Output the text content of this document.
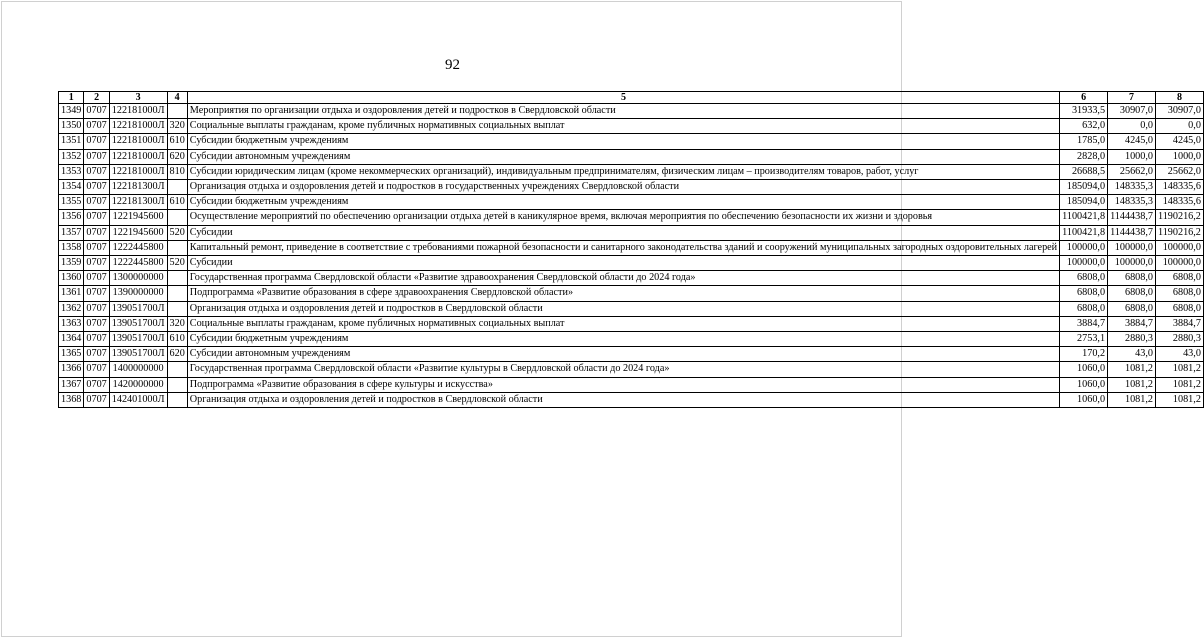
92
1	2	3	4	5	6	7	8
1349	0707	122181000Л		Мероприятия по организации отдыха и оздоровления детей и подростков в Свердловской области	31933,5	30907,0	30907,0
1350	0707	122181000Л	320	Социальные выплаты гражданам, кроме публичных нормативных социальных выплат	632,0	0,0	0,0
1351	0707	122181000Л	610	Субсидии бюджетным учреждениям	1785,0	4245,0	4245,0
1352	0707	122181000Л	620	Субсидии автономным учреждениям	2828,0	1000,0	1000,0
1353	0707	122181000Л	810	Субсидии юридическим лицам (кроме некоммерческих организаций), индивидуальным предпринимателям, физическим лицам – производителям товаров, работ, услуг	26688,5	25662,0	25662,0
1354	0707	122181300Л		Организация отдыха и оздоровления детей и подростков в государственных учреждениях Свердловской области	185094,0	148335,3	148335,6
1355	0707	122181300Л	610	Субсидии бюджетным учреждениям	185094,0	148335,3	148335,6
1356	0707	1221945600		Осуществление мероприятий по обеспечению организации отдыха детей в каникулярное время, включая мероприятия по обеспечению безопасности их жизни и здоровья	1100421,8	1144438,7	1190216,2
1357	0707	1221945600	520	Субсидии	1100421,8	1144438,7	1190216,2
1358	0707	1222445800		Капитальный ремонт, приведение в соответствие с требованиями пожарной безопасности и санитарного законодательства зданий и сооружений муниципальных загородных оздоровительных лагерей	100000,0	100000,0	100000,0
1359	0707	1222445800	520	Субсидии	100000,0	100000,0	100000,0
1360	0707	1300000000		Государственная программа Свердловской области «Развитие здравоохранения Свердловской области до 2024 года»	6808,0	6808,0	6808,0
1361	0707	1390000000		Подпрограмма «Развитие образования в сфере здравоохранения Свердловской области»	6808,0	6808,0	6808,0
1362	0707	139051700Л		Организация отдыха и оздоровления детей и подростков в Свердловской области	6808,0	6808,0	6808,0
1363	0707	139051700Л	320	Социальные выплаты гражданам, кроме публичных нормативных социальных выплат	3884,7	3884,7	3884,7
1364	0707	139051700Л	610	Субсидии бюджетным учреждениям	2753,1	2880,3	2880,3
1365	0707	139051700Л	620	Субсидии автономным учреждениям	170,2	43,0	43,0
1366	0707	1400000000		Государственная программа Свердловской области «Развитие культуры в Свердловской области до 2024 года»	1060,0	1081,2	1081,2
1367	0707	1420000000		Подпрограмма «Развитие образования в сфере культуры и искусства»	1060,0	1081,2	1081,2
1368	0707	142401000Л		Организация отдыха и оздоровления детей и подростков в Свердловской области	1060,0	1081,2	1081,2
